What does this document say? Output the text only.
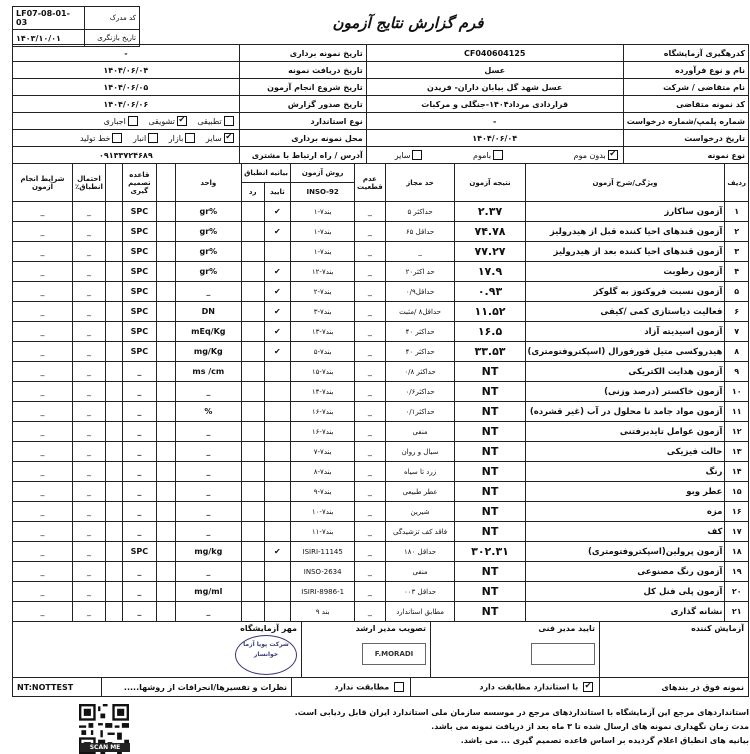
LF07-08-01-03	کد مدرک
۱۴۰۳/۱۰/۰۱	تاریخ بازنگری
فرم گزارش نتایج آزمون
کدرهگیری آزمایشگاه	CF040604125	تاریخ نمونه برداری	-
نام و نوع فرآورده	عسل	تاریخ دریافت نمونه	۱۴۰۴/۰۶/۰۴
نام متقاضی / شرکت	عسل شهد گل بیابان داران- فریدن	تاریخ شروع انجام آزمون	۱۴۰۴/۰۶/۰۵
کد نمونه متقاضی	قراردادی مرداد۱۴۰۴-جنگلی و مرکبات	تاریخ صدور گزارش	۱۴۰۴/۰۶/۰۶
شماره پلمپ/شماره درخواست	-	نوع استاندارد	تطبیقی ✔تشویقی اجباری
تاریخ درخواست	۱۴۰۴/۰۶/۰۴	محل نمونه برداری	✔سایر بازار انبار خط تولید
نوع نمونه	✔بدون موم باموم سایر	آدرس / راه ارتباط با مشتری	۰۹۱۳۳۷۲۴۶۸۹
ردیف	ویژگی/شرح آزمون	نتیجه آزمون	حد مجاز	عدم قطعیت	روش آزمون	بیانیه انطباق		واحد		قاعده تصمیم گیری		احتمال انطباق٪	شرایط انجام آزمون
					INSO-92	تایید	رد						
۱	آزمون ساکارز	۲.۳۷	حداکثر ۵	_	بند۷-۱	✔		gr%		SPC		_	_
۲	آزمون قندهای احیا کننده قبل از هیدرولیز	۷۴.۷۸	حداقل ۶۵	_	بند۷-۱	✔		gr%		SPC		_	_
۳	آزمون قندهای احیا کننده بعد از هیدرولیز	۷۷.۲۷	_	_	بند۷-۱			gr%		SPC		_	_
۴	آزمون رطوبت	۱۷.۹	حد اکثر۲۰	_	بند۷-۱۲	✔		gr%		SPC		_	_
۵	آزمون نسبت فروکتوز به گلوکز	۰.۹۳	حداقل۰/۹	_	بند۷-۲	✔		_		SPC		_	_
۶	فعالیت دیاستازی کمی /کیفی	۱۱.۵۲	حداقل۸ /مثبت	_	بند۷-۳	✔		DN		SPC		_	_
۷	آزمون اسیدیته آزاد	۱۶.۵	حداکثر ۴۰	_	بند۷-۱۳	✔		mEq/Kg		SPC		_	_
۸	هیدروکسی متیل فورفورال (اسپکتروفتومتری)	۳۳.۵۳	حداکثر ۴۰	_	بند۷-۵	✔		mg/Kg		SPC		_	_
۹	آزمون هدایت الکتریکی	NT	حداکثر ۰/۸	_	بند۷-۱۵			ms /cm		_		_	_
۱۰	آزمون خاکستر (درصد وزنی)	NT	حداکثر۰/۶	_	بند۷-۱۴			_		_		_	_
۱۱	آزمون مواد جامد نا محلول در آب (غیر قشرده)	NT	حداکثر۰/۱	_	بند۷-۱۶			%		_		_	_
۱۲	آزمون عوامل تایدبرفتنی	NT	منفی	_	بند۷-۱۶			_		_		_	_
۱۳	حالت فیزیکی	NT	سیال و روان	_	بند۷-۷			_		_		_	_
۱۴	رنگ	NT	زرد تا سیاه	_	بند۷-۸			_		_		_	_
۱۵	عطر وبو	NT	عطر طبیعی	_	بند۷-۹			_		_		_	_
۱۶	مزه	NT	شیرین	_	بند۷-۱۰			_		_		_	_
۱۷	کف	NT	فاقد کف تزشیدگی	_	بند۷-۱۱			_		_		_	_
۱۸	آزمون پرولین(اسپکتروفتومتری)	۳۰۲.۳۱	حداقل ۱۸۰	_	ISIRI-11145	✔		mg/kg		SPC		_	_
۱۹	آزمون رنگ مصنوعی	NT	منفی	_	INSO-2634			_		_		_	_
۲۰	آزمون پلی فنل کل	NT	حداقل ۰۰۳	_	ISIRI-8986-1			mg/ml		_		_	_
۲۱	نشانه گذاری	NT	مطابق استاندارد	_	بند ۹			_		_		_	_
آزمایش کننده	
تایید مدیر فنی

تصویب مدیر ارشد
F.MORADI	
مهر آزمایشگاه
شرکت پویا آزما خوانسار
نمونه فوق در بندهای	✔ با استاندارد مطابقت دارد	مطابقت ندارد	نظرات و تفسیرها/انحرافات از روشها.....	NT:NOTTEST
استانداردهای مرجع این آزمایشگاه با استانداردهای مرجع در موسسه سازمان ملی استاندارد ایران قابل ردیابی است.
مدت زمان نگهداری نمونه های ارسال شده تا ۳ ماه بعد از دریافت نمونه می باشد.
بیانیه های انطباق اعلام گردیده بر اساس قاعده تصمیم گیری ... می باشد.
SCAN ME
